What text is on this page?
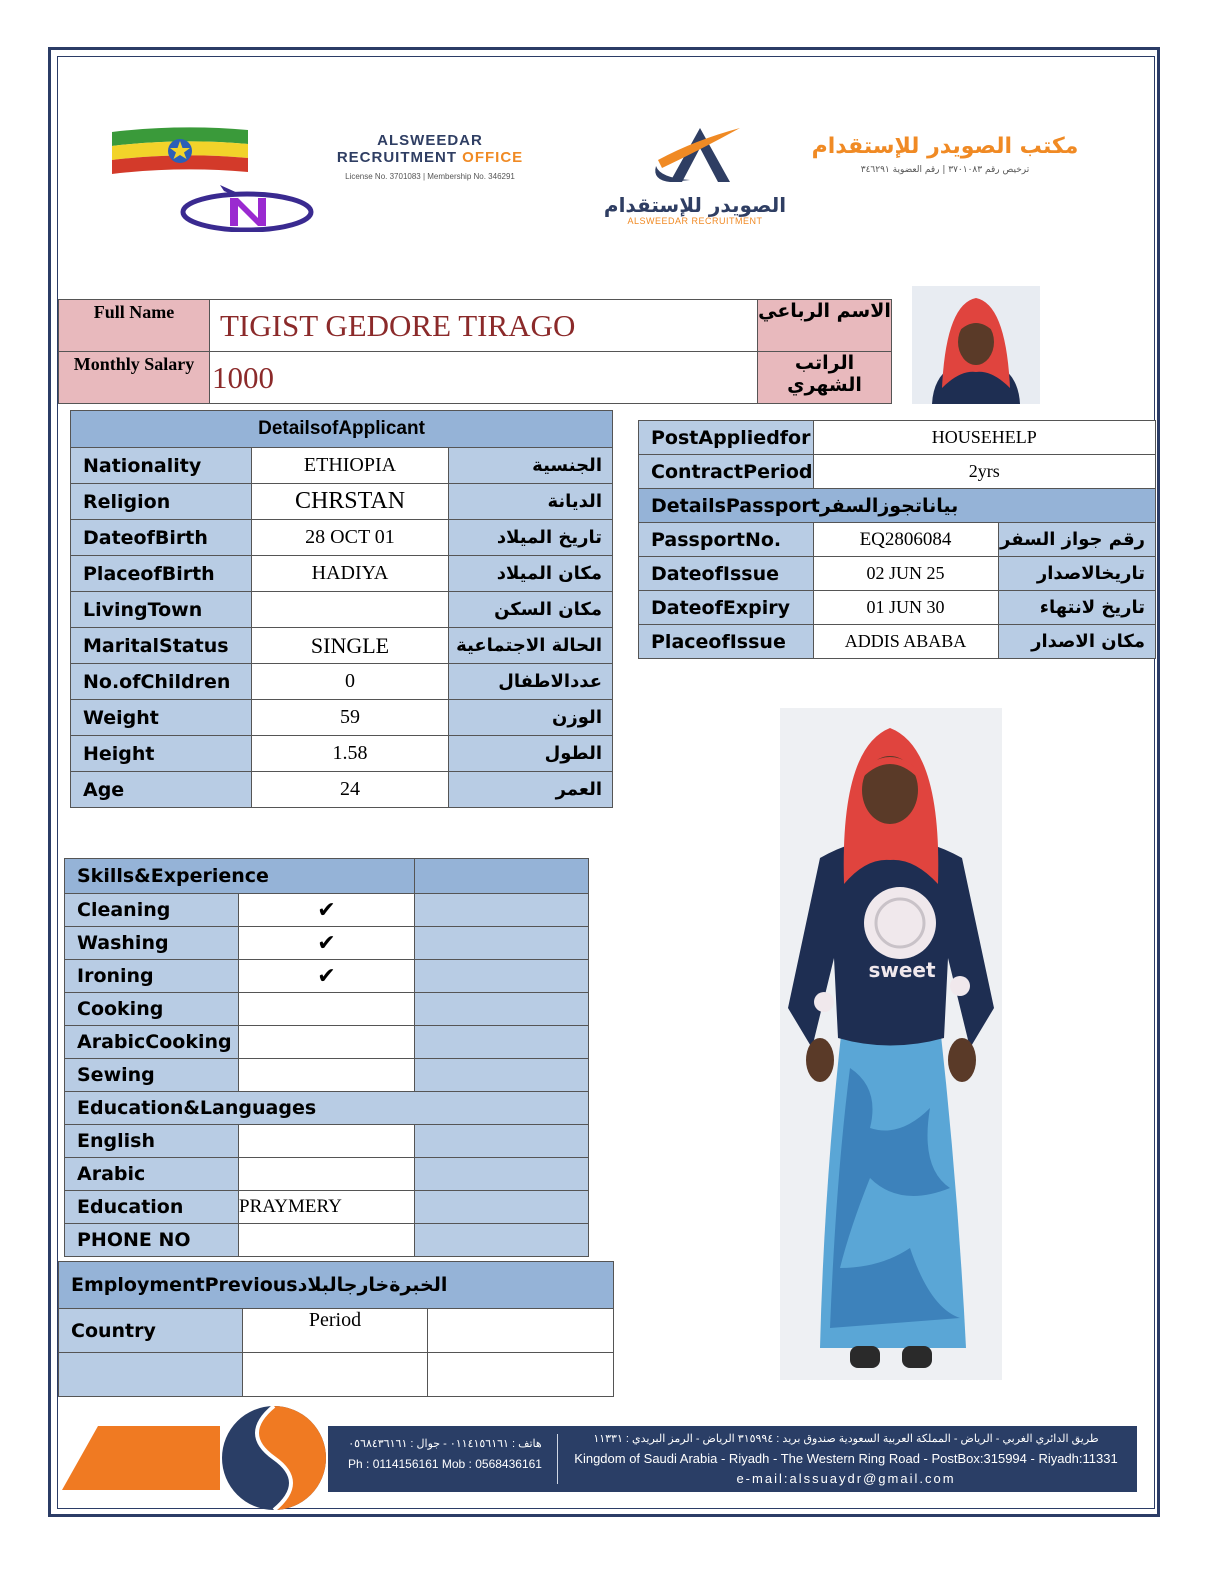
ALSWEEDAR
RECRUITMENT OFFICE
License No. 3701083 | Membership No. 346291
الصويدر للإستقدام
ALSWEEDAR RECRUITMENT
مكتب الصويدر للإستقدام
ترخيص رقم ٣٧٠١٠٨٣ | رقم العضوية ٣٤٦٢٩١
Full Name	TIGIST GEDORE TIRAGO	الاسم الرباعي
Monthly Salary	1000	الراتب الشهري
DetailsofApplicant		
Nationality	ETHIOPIA	الجنسية
Religion	CHRSTAN	الديانة
DateofBirth	28 OCT 01	تاريخ الميلاد
PlaceofBirth	HADIYA	مكان الميلاد
LivingTown		مكان السكن
MaritalStatus	SINGLE	الحالة الاجتماعية
No.ofChildren	0	عددالاطفال
Weight	59	الوزن
Height	1.58	الطول
Age	24	العمر
PostAppliedfor	HOUSEHELP	
ContractPeriod	2yrs	
DetailsPassportبياناتجوزالسفر		
PassportNo.	EQ2806084	رقم جواز السفر
DateofIssue	02 JUN 25	تاريخالاصدار
DateofExpiry	01 JUN 30	تاريخ لانتهاء
PlaceofIssue	ADDIS ABABA	مكان الاصدار
Skills&Experience		
Cleaning	✔	
Washing	✔	
Ironing	✔	
Cooking		
ArabicCooking		
Sewing		
Education&Languages		
English		
Arabic		
Education	PRAYMERY	
PHONE NO		
EmploymentPreviousالخبرةخارجالبلاد		
Country	Period	

sweet
هاتف : ٠١١٤١٥٦١٦١ - جوال : ٠٥٦٨٤٣٦١٦١
Ph : 0114156161 Mob : 0568436161
طريق الدائري الغربي - الرياض - المملكة العربية السعودية صندوق بريد : ٣١٥٩٩٤ الرياض - الرمز البريدي : ١١٣٣١
Kingdom of Saudi Arabia - Riyadh - The Western Ring Road - PostBox:315994 - Riyadh:11331
e-mail:alssuaydr@gmail.com
